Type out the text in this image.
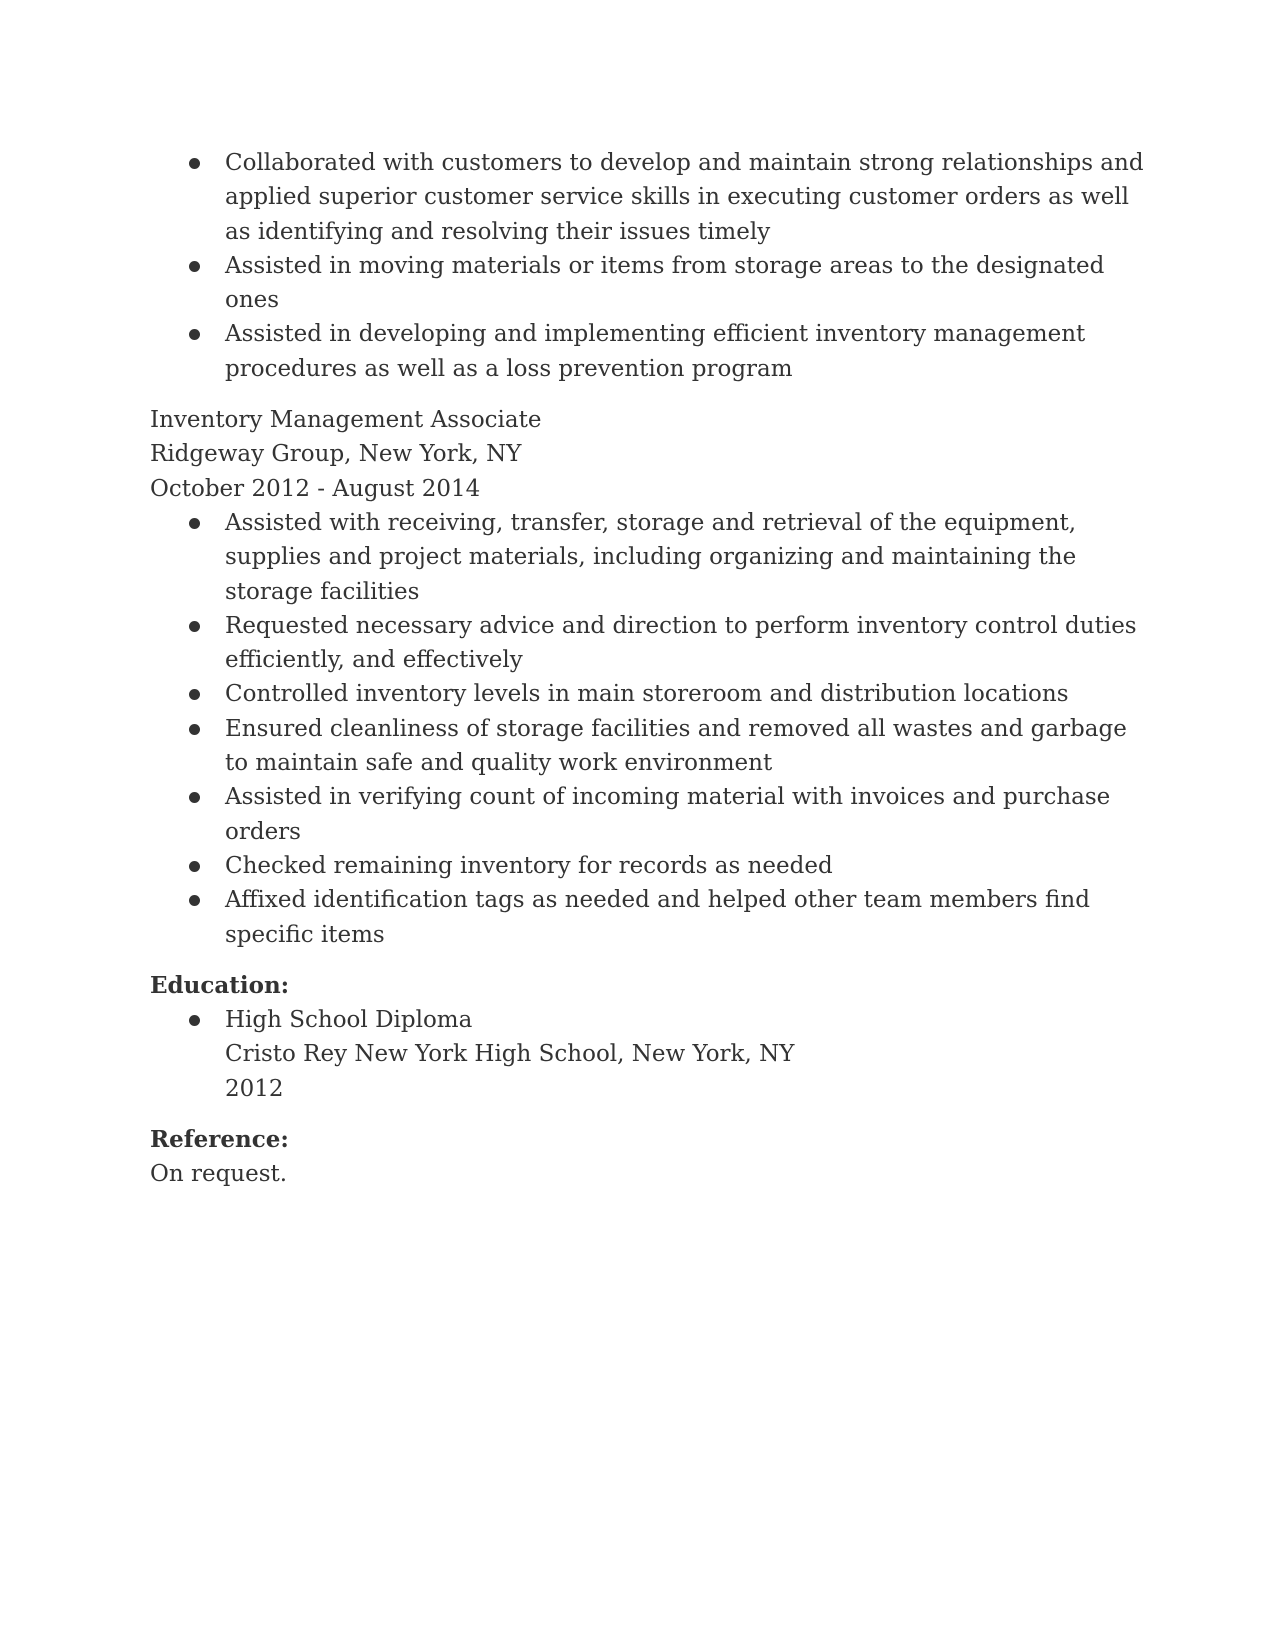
Collaborated with customers to develop and maintain strong relationships and applied superior customer service skills in executing customer orders as well as identifying and resolving their issues timely
Assisted in moving materials or items from storage areas to the designated ones
Assisted in developing and implementing efficient inventory management procedures as well as a loss prevention program
Inventory Management Associate
Ridgeway Group, New York, NY
October 2012 - August 2014
Assisted with receiving, transfer, storage and retrieval of the equipment, supplies and project materials, including organizing and maintaining the storage facilities
Requested necessary advice and direction to perform inventory control duties efficiently, and effectively
Controlled inventory levels in main storeroom and distribution locations
Ensured cleanliness of storage facilities and removed all wastes and garbage to maintain safe and quality work environment
Assisted in verifying count of incoming material with invoices and purchase orders
Checked remaining inventory for records as needed
Affixed identification tags as needed and helped other team members find specific items
Education:
High School Diploma
Cristo Rey New York High School, New York, NY
2012
Reference:
On request.
